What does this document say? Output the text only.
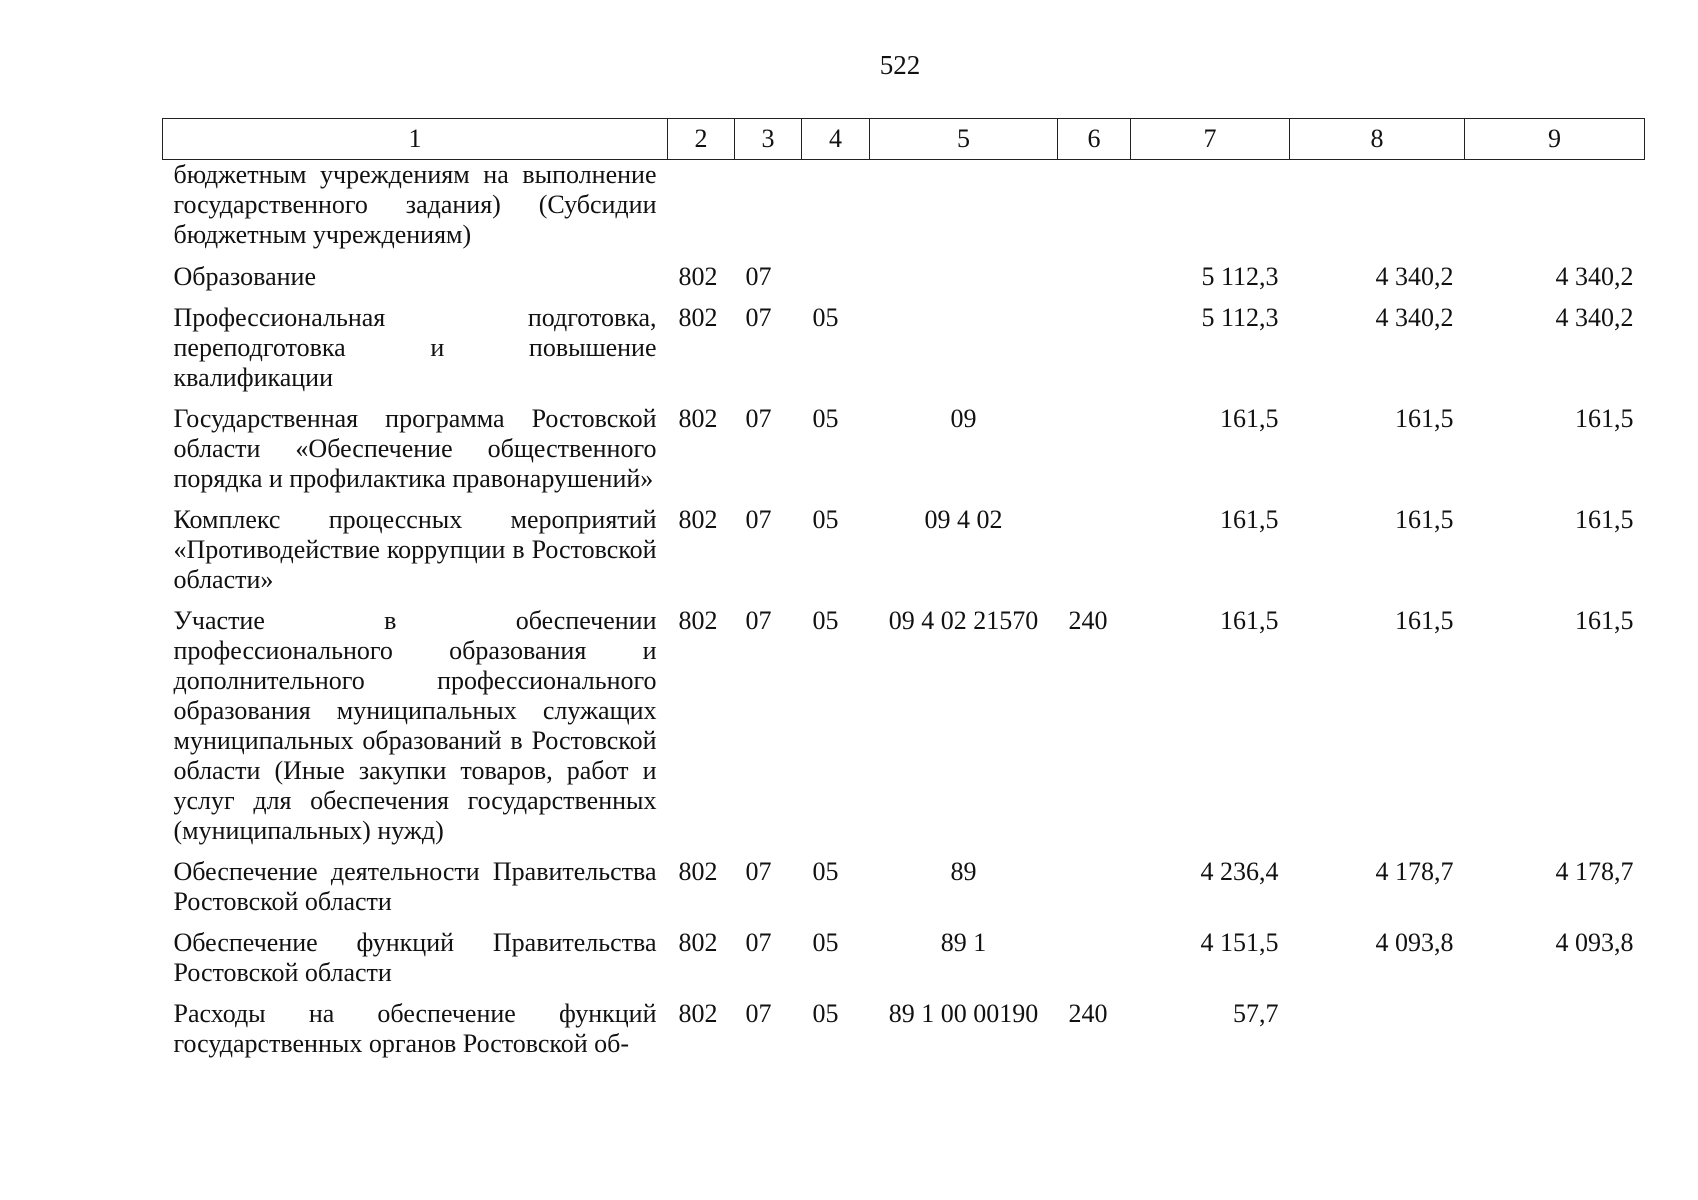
522
1	2	3	4	5	6	7	8	9
бюджетным учреждениям на выполнение государственного задания) (Субсидии бюджетным учреждениям)								
Образование	802	07				5 112,3	4 340,2	4 340,2
Профессиональная подготовка, переподготовка и повышение квалификации	802	07	05			5 112,3	4 340,2	4 340,2
Государственная программа Ростовской области «Обеспечение общественного порядка и профилактика правонарушений»	802	07	05	09		161,5	161,5	161,5
Комплекс процессных мероприятий «Противодействие коррупции в Ростовской области»	802	07	05	09 4 02		161,5	161,5	161,5
Участие в обеспечении профессионального образования и дополнительного профессионального образования муниципальных служащих муниципальных образований в Ростовской области (Иные закупки товаров, работ и услуг для обеспечения государственных (муниципальных) нужд)	802	07	05	09 4 02 21570	240	161,5	161,5	161,5
Обеспечение деятельности Правительства Ростовской области	802	07	05	89		4 236,4	4 178,7	4 178,7
Обеспечение функций Правительства Ростовской области	802	07	05	89 1		4 151,5	4 093,8	4 093,8
Расходы на обеспечение функций государственных органов Ростовской об-	802	07	05	89 1 00 00190	240	57,7		
